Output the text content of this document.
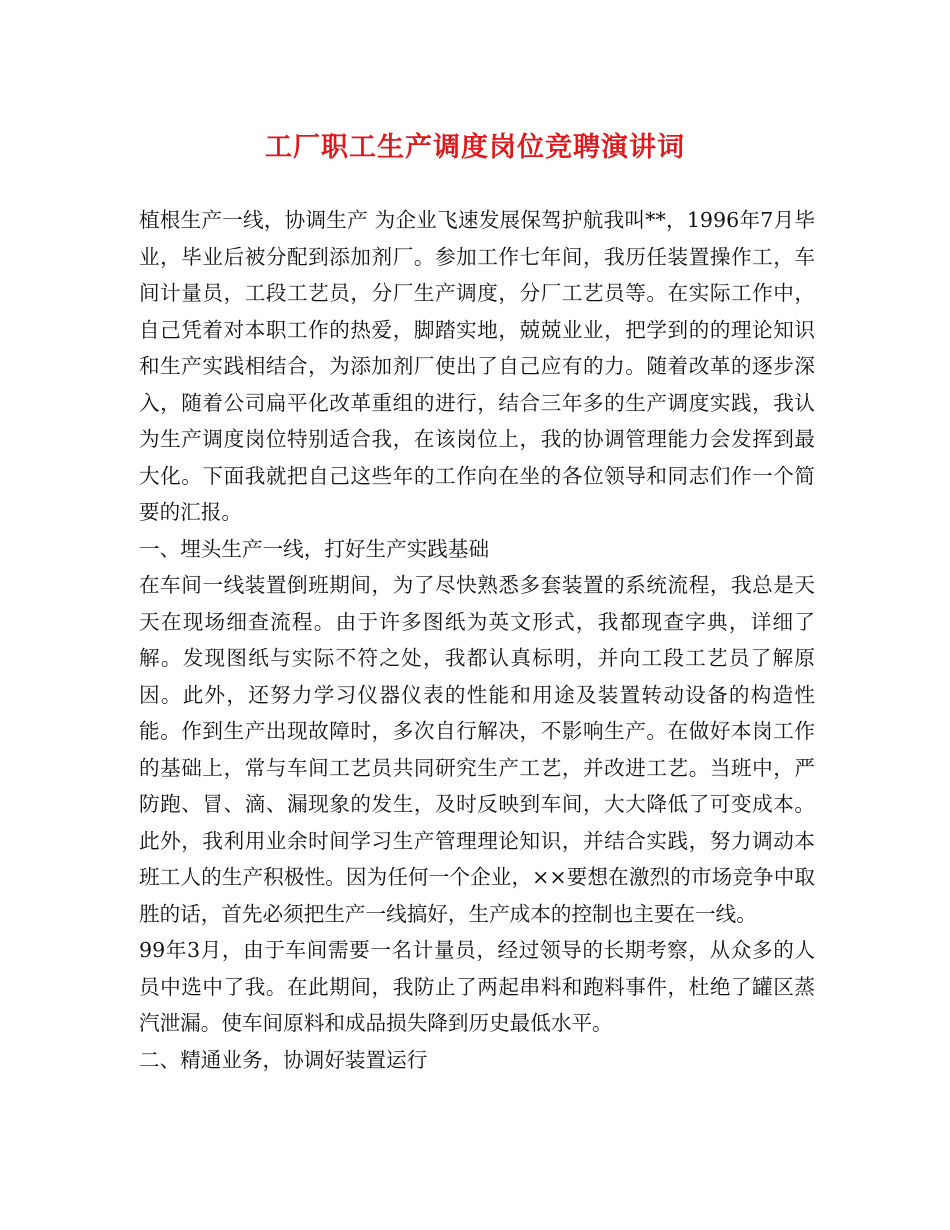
工厂职工生产调度岗位竞聘演讲词

植根生产一线，协调生产 为企业飞速发展保驾护航我叫**，1996年7月毕业，毕业后被分配到添加剂厂。参加工作七年间，我历任装置操作工，车间计量员，工段工艺员，分厂生产调度，分厂工艺员等。在实际工作中，自己凭着对本职工作的热爱，脚踏实地，兢兢业业，把学到的的理论知识和生产实践相结合，为添加剂厂使出了自己应有的力。随着改革的逐步深入，随着公司扁平化改革重组的进行，结合三年多的生产调度实践，我认为生产调度岗位特别适合我，在该岗位上，我的协调管理能力会发挥到最大化。下面我就把自己这些年的工作向在坐的各位领导和同志们作一个简要的汇报。

一、埋头生产一线，打好生产实践基础

在车间一线装置倒班期间，为了尽快熟悉多套装置的系统流程，我总是天天在现场细查流程。由于许多图纸为英文形式，我都现查字典，详细了解。发现图纸与实际不符之处，我都认真标明，并向工段工艺员了解原因。此外，还努力学习仪器仪表的性能和用途及装置转动设备的构造性能。作到生产出现故障时，多次自行解决，不影响生产。在做好本岗工作的基础上，常与车间工艺员共同研究生产工艺，并改进工艺。当班中，严防跑、冒、滴、漏现象的发生，及时反映到车间，大大降低了可变成本。此外，我利用业余时间学习生产管理理论知识，并结合实践，努力调动本班工人的生产积极性。因为任何一个企业，××要想在激烈的市场竞争中取胜的话，首先必须把生产一线搞好，生产成本的控制也主要在一线。

99年3月，由于车间需要一名计量员，经过领导的长期考察，从众多的人员中选中了我。在此期间，我防止了两起串料和跑料事件，杜绝了罐区蒸汽泄漏。使车间原料和成品损失降到历史最低水平。

二、精通业务，协调好装置运行
